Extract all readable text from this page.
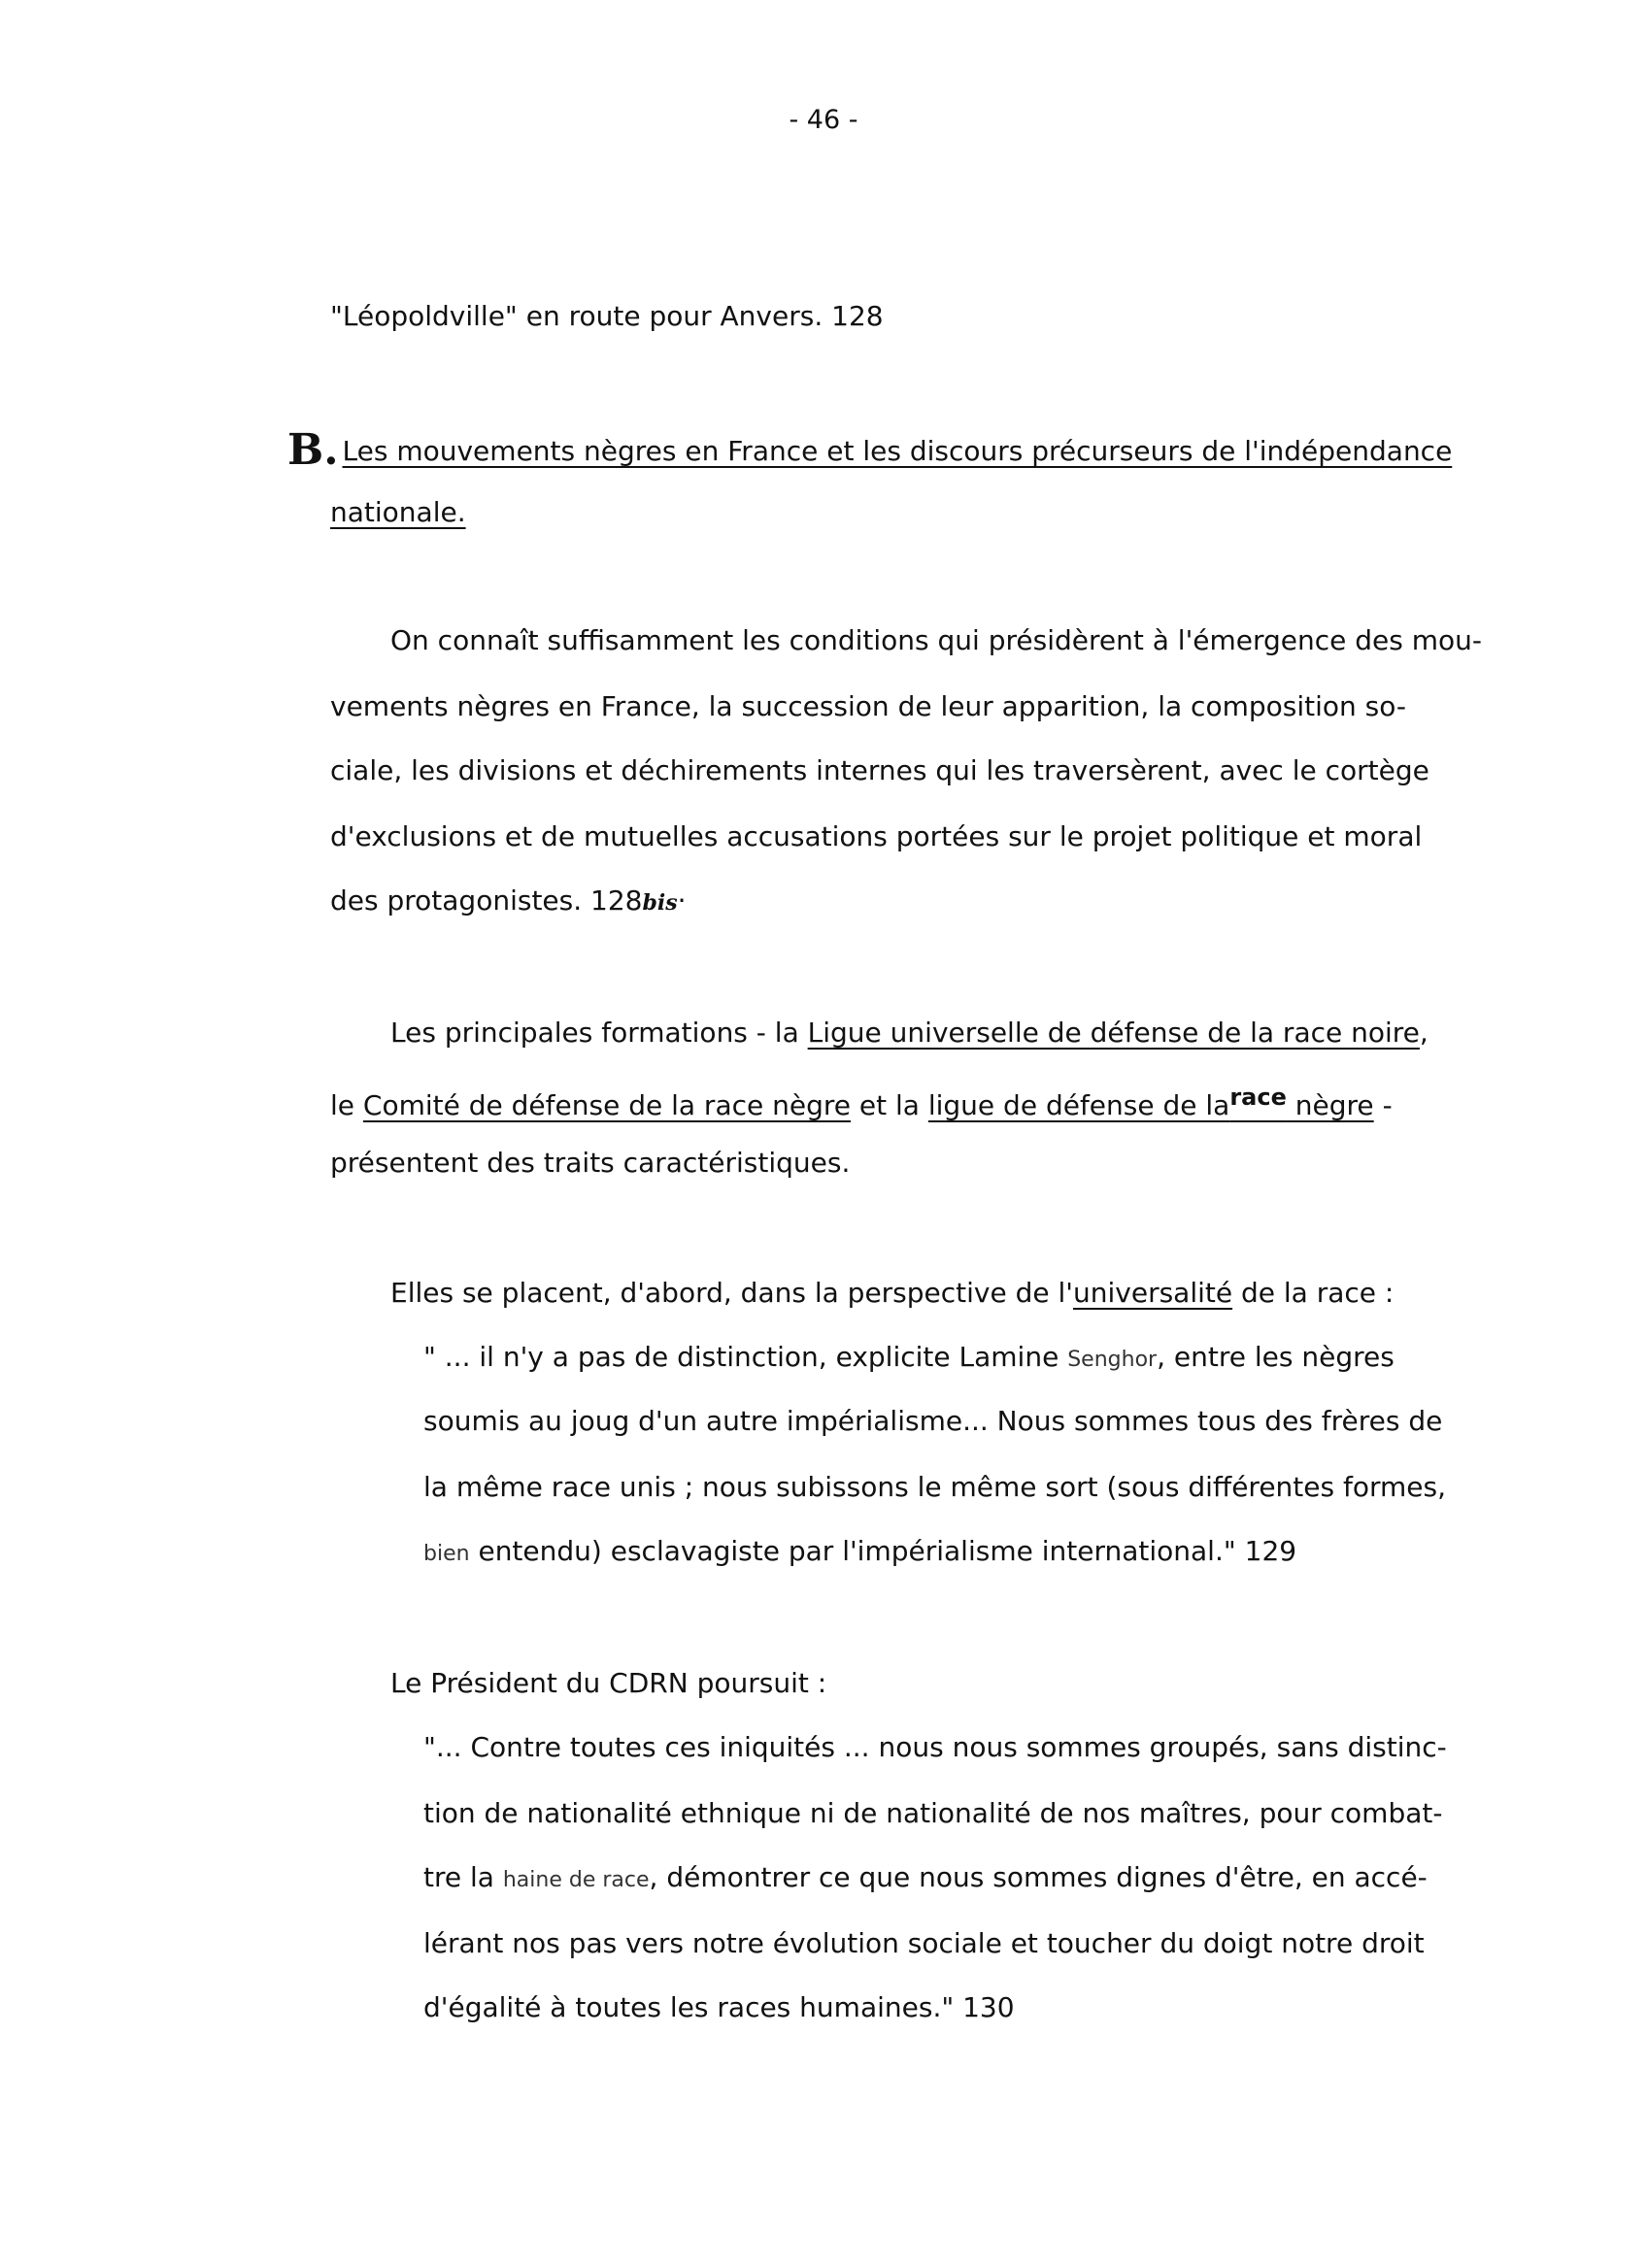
- 46 -
"Léopoldville" en route pour Anvers. 128
B. Les mouvements nègres en France et les discours précurseurs de l'indépendance
nationale.
On connaît suffisamment les conditions qui présidèrent à l'émergence des mou-
vements nègres en France, la succession de leur apparition, la composition so-
ciale, les divisions et déchirements internes qui les traversèrent, avec le cortège
d'exclusions et de mutuelles accusations portées sur le projet politique et moral
des protagonistes. 128bis·
Les principales formations - la Ligue universelle de défense de la race noire,
le Comité de défense de la race nègre et la ligue de défense de larace nègre -
présentent des traits caractéristiques.
Elles se placent, d'abord, dans la perspective de l'universalité de la race :
" ... il n'y a pas de distinction, explicite Lamine Senghor, entre les nègres
soumis au joug d'un autre impérialisme... Nous sommes tous des frères de
la même race unis ; nous subissons le même sort (sous différentes formes,
bien entendu) esclavagiste par l'impérialisme international." 129
Le Président du CDRN poursuit :
"... Contre toutes ces iniquités ... nous nous sommes groupés, sans distinc-
tion de nationalité ethnique ni de nationalité de nos maîtres, pour combat-
tre la haine de race, démontrer ce que nous sommes dignes d'être, en accé-
lérant nos pas vers notre évolution sociale et toucher du doigt notre droit
d'égalité à toutes les races humaines." 130
